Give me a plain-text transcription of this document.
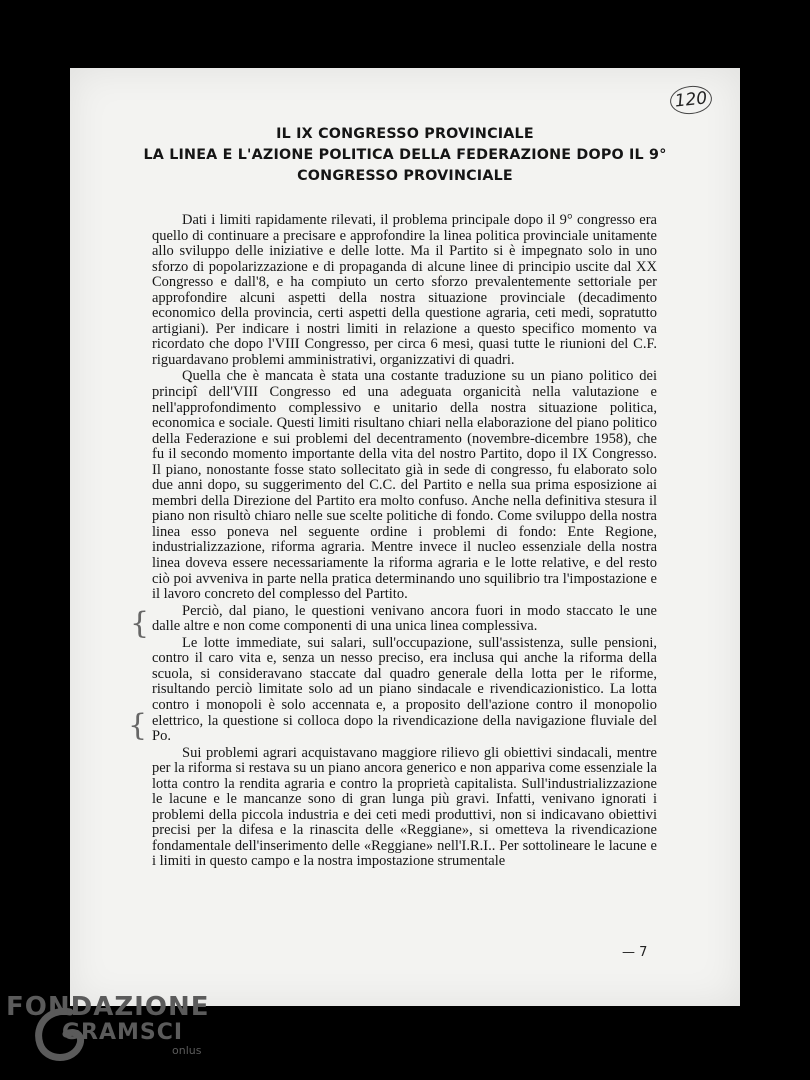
120
IL IX CONGRESSO PROVINCIALE
LA LINEA E L'AZIONE POLITICA DELLA FEDERAZIONE DOPO IL 9°
CONGRESSO PROVINCIALE

Dati i limiti rapidamente rilevati, il problema principale dopo il 9° congresso era quello di continuare a precisare e approfondire la linea politica provinciale unitamente allo sviluppo delle iniziative e delle lotte. Ma il Partito si è impegnato solo in uno sforzo di popolarizzazione e di propaganda di alcune linee di principio uscite dal XX Congresso e dall'8, e ha compiuto un certo sforzo prevalentemente settoriale per approfondire alcuni aspetti della nostra situazione provinciale (decadimento economico della provincia, certi aspetti della questione agraria, ceti medi, sopratutto artigiani). Per indicare i nostri limiti in relazione a questo specifico momento va ricordato che dopo l'VIII Congresso, per circa 6 mesi, quasi tutte le riunioni del C.F. riguardavano problemi amministrativi, organizzativi di quadri.

Quella che è mancata è stata una costante traduzione su un piano politico dei principî dell'VIII Congresso ed una adeguata organicità nella valutazione e nell'approfondimento complessivo e unitario della nostra situazione politica, economica e sociale. Questi limiti risultano chiari nella elaborazione del piano politico della Federazione e sui problemi del decentramento (novembre-dicembre 1958), che fu il secondo momento importante della vita del nostro Partito, dopo il IX Congresso. Il piano, nonostante fosse stato sollecitato già in sede di congresso, fu elaborato solo due anni dopo, su suggerimento del C.C. del Partito e nella sua prima esposizione ai membri della Direzione del Partito era molto confuso. Anche nella definitiva stesura il piano non risultò chiaro nelle sue scelte politiche di fondo. Come sviluppo della nostra linea esso poneva nel seguente ordine i problemi di fondo: Ente Regione, industrializzazione, riforma agraria. Mentre invece il nucleo essenziale della nostra linea doveva essere necessariamente la riforma agraria e le lotte relative, e del resto ciò poi avveniva in parte nella pratica determinando uno squilibrio tra l'impostazione e il lavoro concreto del complesso del Partito.

Perciò, dal piano, le questioni venivano ancora fuori in modo staccato le une dalle altre e non come componenti di una unica linea complessiva.

Le lotte immediate, sui salari, sull'occupazione, sull'assistenza, sulle pensioni, contro il caro vita e, senza un nesso preciso, era inclusa qui anche la riforma della scuola, si consideravano staccate dal quadro generale della lotta per le riforme, risultando perciò limitate solo ad un piano sindacale e rivendicazionistico. La lotta contro i monopoli è solo accennata e, a proposito dell'azione contro il monopolio elettrico, la questione si colloca dopo la rivendicazione della navigazione fluviale del Po.

Sui problemi agrari acquistavano maggiore rilievo gli obiettivi sindacali, mentre per la riforma si restava su un piano ancora generico e non appariva come essenziale la lotta contro la rendita agraria e contro la proprietà capitalista. Sull'industrializzazione le lacune e le mancanze sono di gran lunga più gravi. Infatti, venivano ignorati i problemi della piccola industria e dei ceti medi produttivi, non si indicavano obiettivi precisi per la difesa e la rinascita delle «Reggiane», si ometteva la rivendicazione fondamentale dell'inserimento delle «Reggiane» nell'I.R.I.. Per sottolineare le lacune e i limiti in questo campo e la nostra impostazione strumentale

{
{
— 7
FONDAZIONE
GRAMSCI
onlus
